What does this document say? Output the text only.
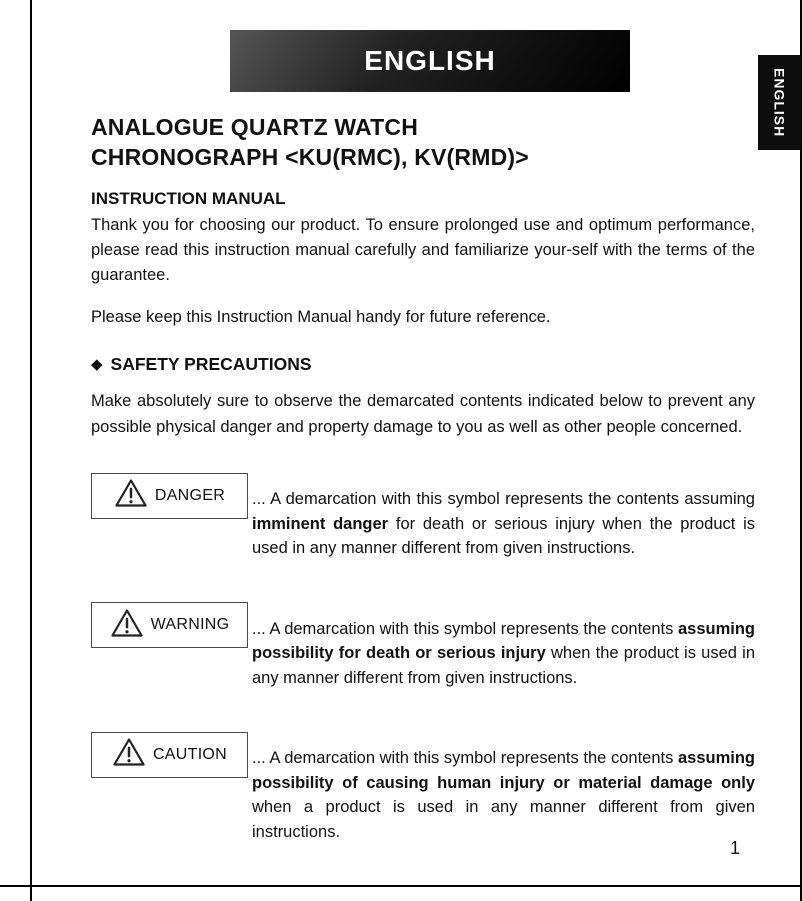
ENGLISH
ENGLISH
ANALOGUE QUARTZ WATCH
CHRONOGRAPH <KU(RMC), KV(RMD)>
INSTRUCTION MANUAL

Thank you for choosing our product. To ensure prolonged use and optimum performance, please read this instruction manual carefully and familiarize your-self with the terms of the guarantee.

Please keep this Instruction Manual handy for future reference.

◆ SAFETY PRECAUTIONS

Make absolutely sure to observe the demarcated contents indicated below to prevent any possible physical danger and property damage to you as well as other people concerned.

DANGER ... A demarcation with this symbol represents the contents assuming imminent danger for death or serious injury when the product is used in any manner different from given instructions.

WARNING ... A demarcation with this symbol represents the contents assuming possibility for death or serious injury when the product is used in any manner different from given instructions.

CAUTION ... A demarcation with this symbol represents the contents assuming possibility of causing human injury or material damage only when a product is used in any manner different from given instructions.

1
